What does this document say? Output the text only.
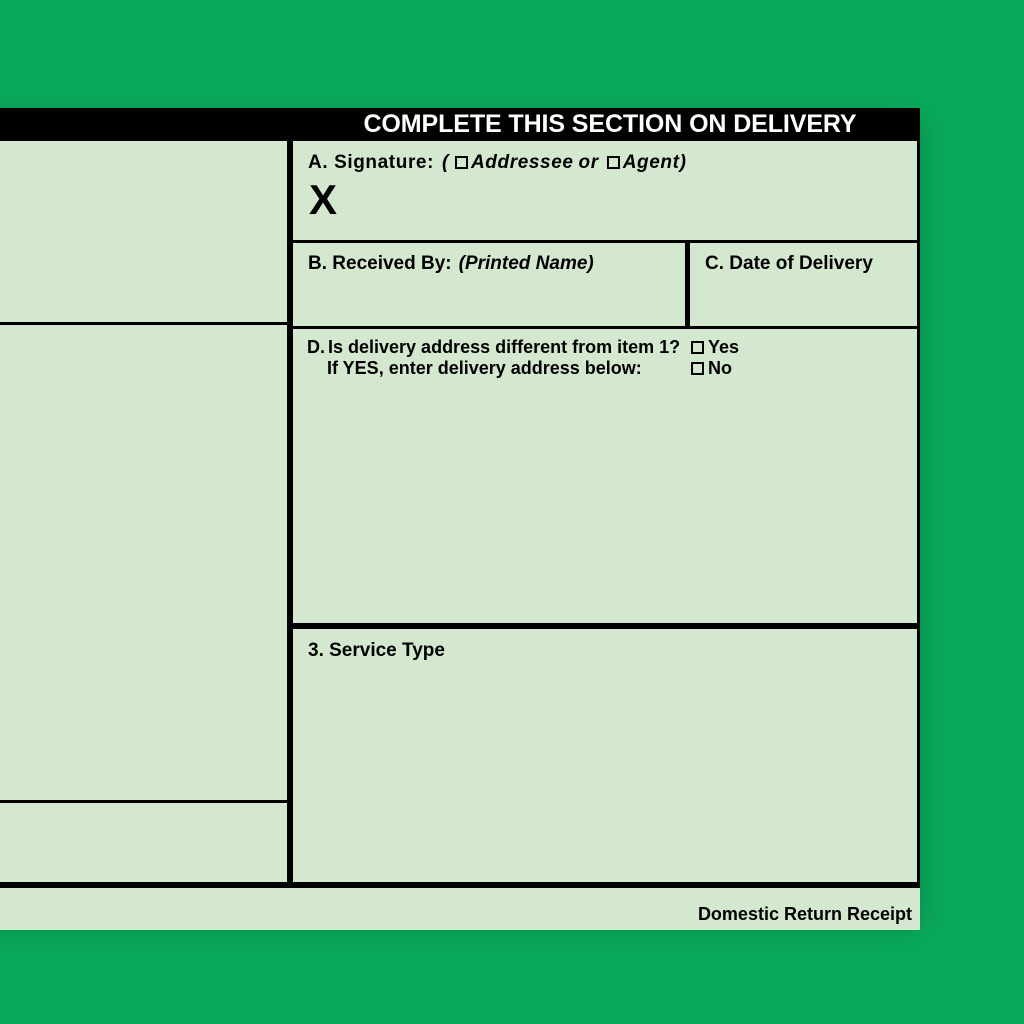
COMPLETE THIS SECTION ON DELIVERY
A. Signature: ( Addressee or Agent)
X
B. Received By: (Printed Name)	C. Date of Delivery
D. Is delivery address different from item 1?
If YES, enter delivery address below:
Yes
No
3. Service Type
Domestic Return Receipt
